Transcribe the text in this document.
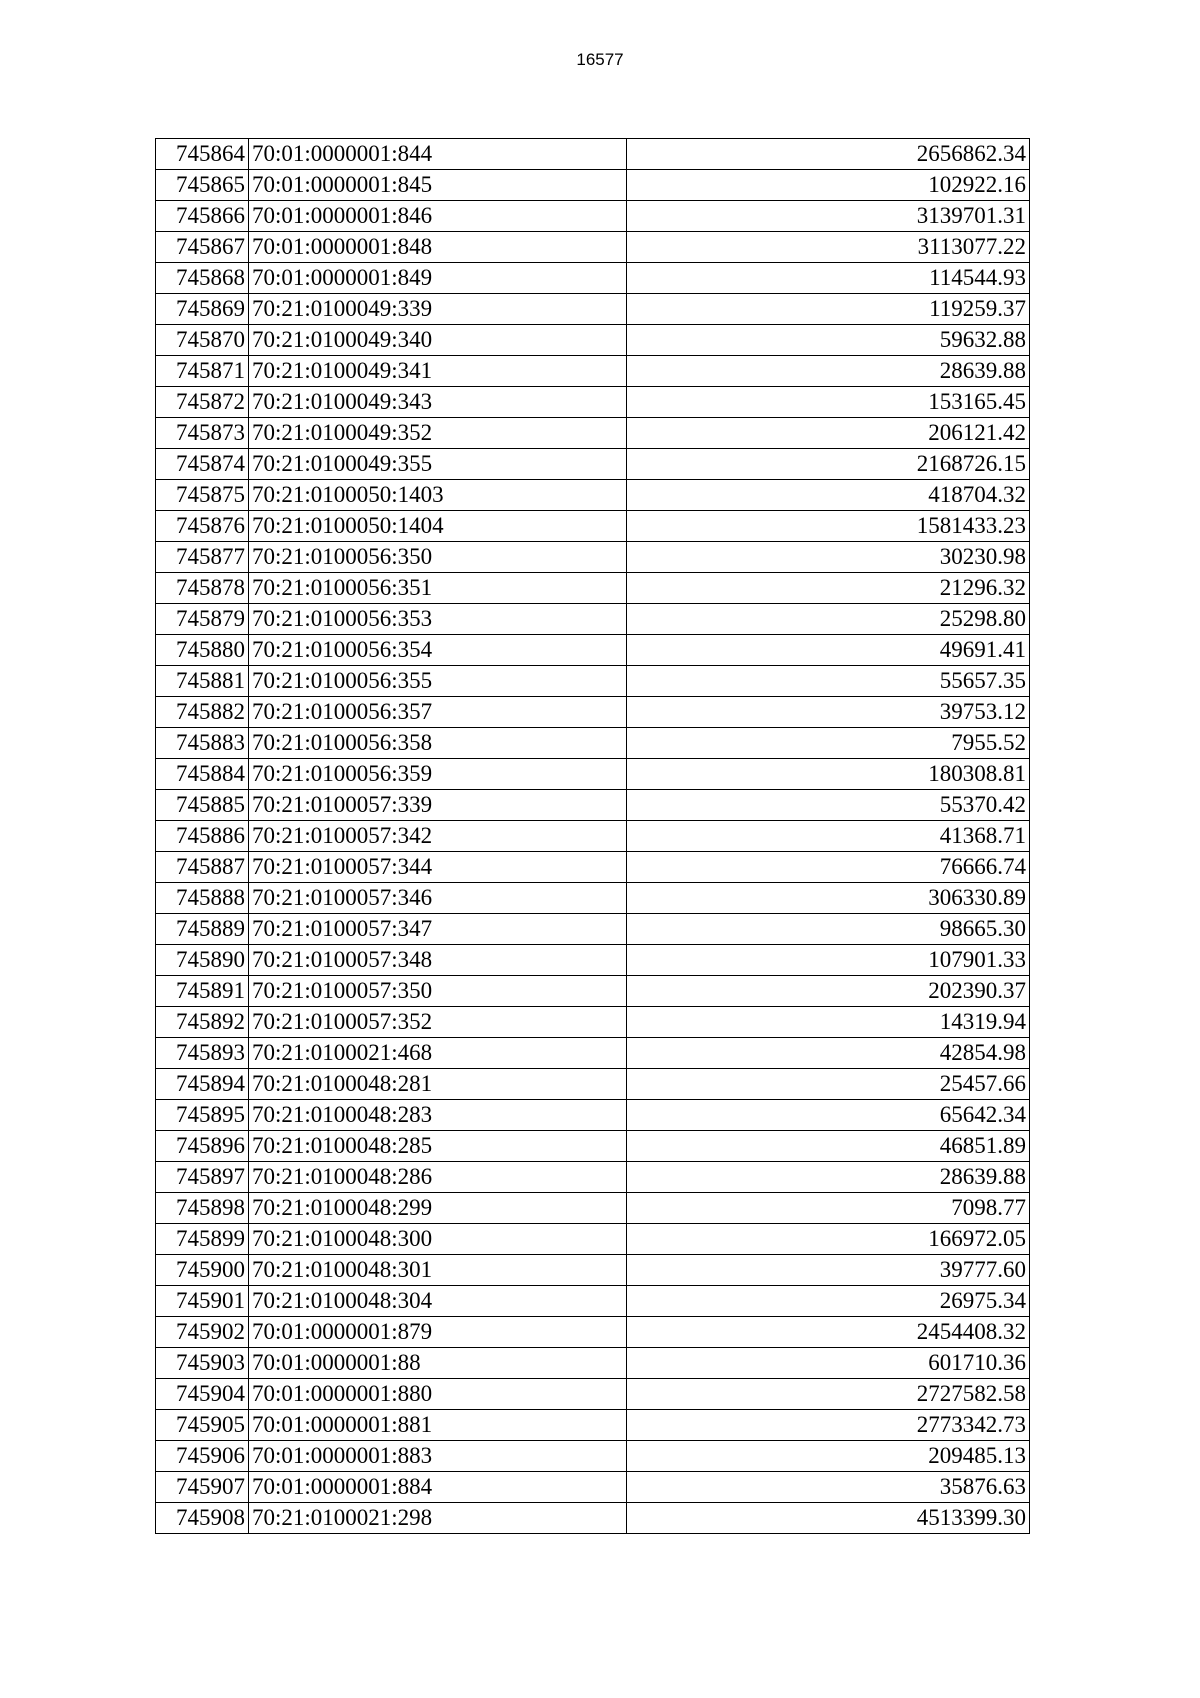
16577
745864	70:01:0000001:844	2656862.34
745865	70:01:0000001:845	102922.16
745866	70:01:0000001:846	3139701.31
745867	70:01:0000001:848	3113077.22
745868	70:01:0000001:849	114544.93
745869	70:21:0100049:339	119259.37
745870	70:21:0100049:340	59632.88
745871	70:21:0100049:341	28639.88
745872	70:21:0100049:343	153165.45
745873	70:21:0100049:352	206121.42
745874	70:21:0100049:355	2168726.15
745875	70:21:0100050:1403	418704.32
745876	70:21:0100050:1404	1581433.23
745877	70:21:0100056:350	30230.98
745878	70:21:0100056:351	21296.32
745879	70:21:0100056:353	25298.80
745880	70:21:0100056:354	49691.41
745881	70:21:0100056:355	55657.35
745882	70:21:0100056:357	39753.12
745883	70:21:0100056:358	7955.52
745884	70:21:0100056:359	180308.81
745885	70:21:0100057:339	55370.42
745886	70:21:0100057:342	41368.71
745887	70:21:0100057:344	76666.74
745888	70:21:0100057:346	306330.89
745889	70:21:0100057:347	98665.30
745890	70:21:0100057:348	107901.33
745891	70:21:0100057:350	202390.37
745892	70:21:0100057:352	14319.94
745893	70:21:0100021:468	42854.98
745894	70:21:0100048:281	25457.66
745895	70:21:0100048:283	65642.34
745896	70:21:0100048:285	46851.89
745897	70:21:0100048:286	28639.88
745898	70:21:0100048:299	7098.77
745899	70:21:0100048:300	166972.05
745900	70:21:0100048:301	39777.60
745901	70:21:0100048:304	26975.34
745902	70:01:0000001:879	2454408.32
745903	70:01:0000001:88	601710.36
745904	70:01:0000001:880	2727582.58
745905	70:01:0000001:881	2773342.73
745906	70:01:0000001:883	209485.13
745907	70:01:0000001:884	35876.63
745908	70:21:0100021:298	4513399.30
